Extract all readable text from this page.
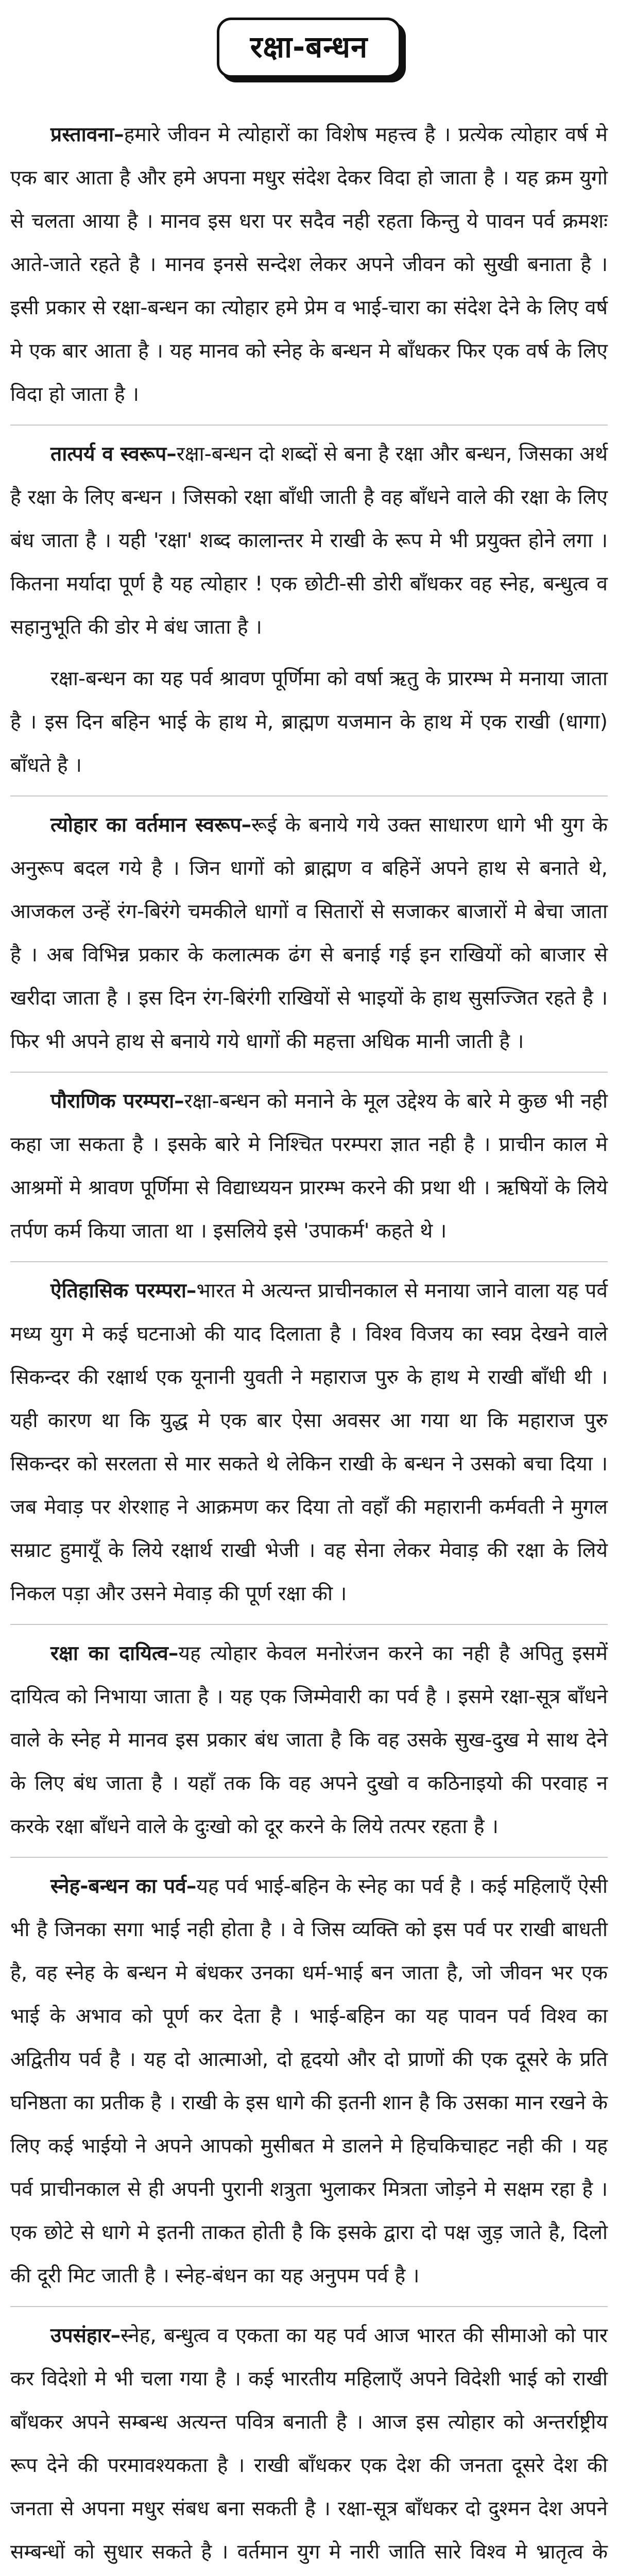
रक्षा-बन्धन

प्रस्तावना–हमारे जीवन मे त्योहारों का विशेष महत्त्व है । प्रत्येक त्योहार वर्ष मे एक बार आता है और हमे अपना मधुर संदेश देकर विदा हो जाता है । यह क्रम युगो से चलता आया है । मानव इस धरा पर सदैव नही रहता किन्तु ये पावन पर्व क्रमशः आते-जाते रहते है । मानव इनसे सन्देश लेकर अपने जीवन को सुखी बनाता है । इसी प्रकार से रक्षा-बन्धन का त्योहार हमे प्रेम व भाई-चारा का संदेश देने के लिए वर्ष मे एक बार आता है । यह मानव को स्नेह के बन्धन मे बाँधकर फिर एक वर्ष के लिए विदा हो जाता है ।

तात्पर्य व स्वरूप–रक्षा-बन्धन दो शब्दों से बना है रक्षा और बन्धन, जिसका अर्थ है रक्षा के लिए बन्धन । जिसको रक्षा बाँधी जाती है वह बाँधने वाले की रक्षा के लिए बंध जाता है । यही 'रक्षा' शब्द कालान्तर मे राखी के रूप मे भी प्रयुक्त होने लगा । कितना मर्यादा पूर्ण है यह त्योहार ! एक छोटी-सी डोरी बाँधकर वह स्नेह, बन्धुत्व व सहानुभूति की डोर मे बंध जाता है ।

रक्षा-बन्धन का यह पर्व श्रावण पूर्णिमा को वर्षा ऋतु के प्रारम्भ मे मनाया जाता है । इस दिन बहिन भाई के हाथ मे, ब्राह्मण यजमान के हाथ में एक राखी (धागा) बाँधते है ।

त्योहार का वर्तमान स्वरूप–रूई के बनाये गये उक्त साधारण धागे भी युग के अनुरूप बदल गये है । जिन धागों को ब्राह्मण व बहिनें अपने हाथ से बनाते थे, आजकल उन्हें रंग-बिरंगे चमकीले धागों व सितारों से सजाकर बाजारों मे बेचा जाता है । अब विभिन्न प्रकार के कलात्मक ढंग से बनाई गई इन राखियों को बाजार से खरीदा जाता है । इस दिन रंग-बिरंगी राखियों से भाइयों के हाथ सुसज्जित रहते है । फिर भी अपने हाथ से बनाये गये धागों की महत्ता अधिक मानी जाती है ।

पौराणिक परम्परा–रक्षा-बन्धन को मनाने के मूल उद्देश्य के बारे मे कुछ भी नही कहा जा सकता है । इसके बारे मे निश्चित परम्परा ज्ञात नही है । प्राचीन काल मे आश्रमों मे श्रावण पूर्णिमा से विद्याध्ययन प्रारम्भ करने की प्रथा थी । ऋषियों के लिये तर्पण कर्म किया जाता था । इसलिये इसे 'उपाकर्म' कहते थे ।

ऐतिहासिक परम्परा–भारत मे अत्यन्त प्राचीनकाल से मनाया जाने वाला यह पर्व मध्य युग मे कई घटनाओ की याद दिलाता है । विश्व विजय का स्वप्न देखने वाले सिकन्दर की रक्षार्थ एक यूनानी युवती ने महाराज पुरु के हाथ मे राखी बाँधी थी । यही कारण था कि युद्ध मे एक बार ऐसा अवसर आ गया था कि महाराज पुरु सिकन्दर को सरलता से मार सकते थे लेकिन राखी के बन्धन ने उसको बचा दिया । जब मेवाड़ पर शेरशाह ने आक्रमण कर दिया तो वहाँ की महारानी कर्मवती ने मुगल सम्राट हुमायूँ के लिये रक्षार्थ राखी भेजी । वह सेना लेकर मेवाड़ की रक्षा के लिये निकल पड़ा और उसने मेवाड़ की पूर्ण रक्षा की ।

रक्षा का दायित्व–यह त्योहार केवल मनोरंजन करने का नही है अपितु इसमें दायित्व को निभाया जाता है । यह एक जिम्मेवारी का पर्व है । इसमे रक्षा-सूत्र बाँधने वाले के स्नेह मे मानव इस प्रकार बंध जाता है कि वह उसके सुख-दुख मे साथ देने के लिए बंध जाता है । यहाँ तक कि वह अपने दुखो व कठिनाइयो की परवाह न करके रक्षा बाँधने वाले के दुःखो को दूर करने के लिये तत्पर रहता है ।

स्नेह-बन्धन का पर्व–यह पर्व भाई-बहिन के स्नेह का पर्व है । कई महिलाएँ ऐसी भी है जिनका सगा भाई नही होता है । वे जिस व्यक्ति को इस पर्व पर राखी बाधती है, वह स्नेह के बन्धन मे बंधकर उनका धर्म-भाई बन जाता है, जो जीवन भर एक भाई के अभाव को पूर्ण कर देता है । भाई-बहिन का यह पावन पर्व विश्व का अद्वितीय पर्व है । यह दो आत्माओ, दो हृदयो और दो प्राणों की एक दूसरे के प्रति घनिष्ठता का प्रतीक है । राखी के इस धागे की इतनी शान है कि उसका मान रखने के लिए कई भाईयो ने अपने आपको मुसीबत मे डालने मे हिचकिचाहट नही की । यह पर्व प्राचीनकाल से ही अपनी पुरानी शत्रुता भुलाकर मित्रता जोड़ने मे सक्षम रहा है । एक छोटे से धागे मे इतनी ताकत होती है कि इसके द्वारा दो पक्ष जुड़ जाते है, दिलो की दूरी मिट जाती है । स्नेह-बंधन का यह अनुपम पर्व है ।

उपसंहार–स्नेह, बन्धुत्व व एकता का यह पर्व आज भारत की सीमाओ को पार कर विदेशो मे भी चला गया है । कई भारतीय महिलाएँ अपने विदेशी भाई को राखी बाँधकर अपने सम्बन्ध अत्यन्त पवित्र बनाती है । आज इस त्योहार को अन्तर्राष्ट्रीय रूप देने की परमावश्यकता है । राखी बाँधकर एक देश की जनता दूसरे देश की जनता से अपना मधुर संबध बना सकती है । रक्षा-सूत्र बाँधकर दो दुश्मन देश अपने सम्बन्धों को सुधार सकते है । वर्तमान युग मे नारी जाति सारे विश्व मे भ्रातृत्व के
